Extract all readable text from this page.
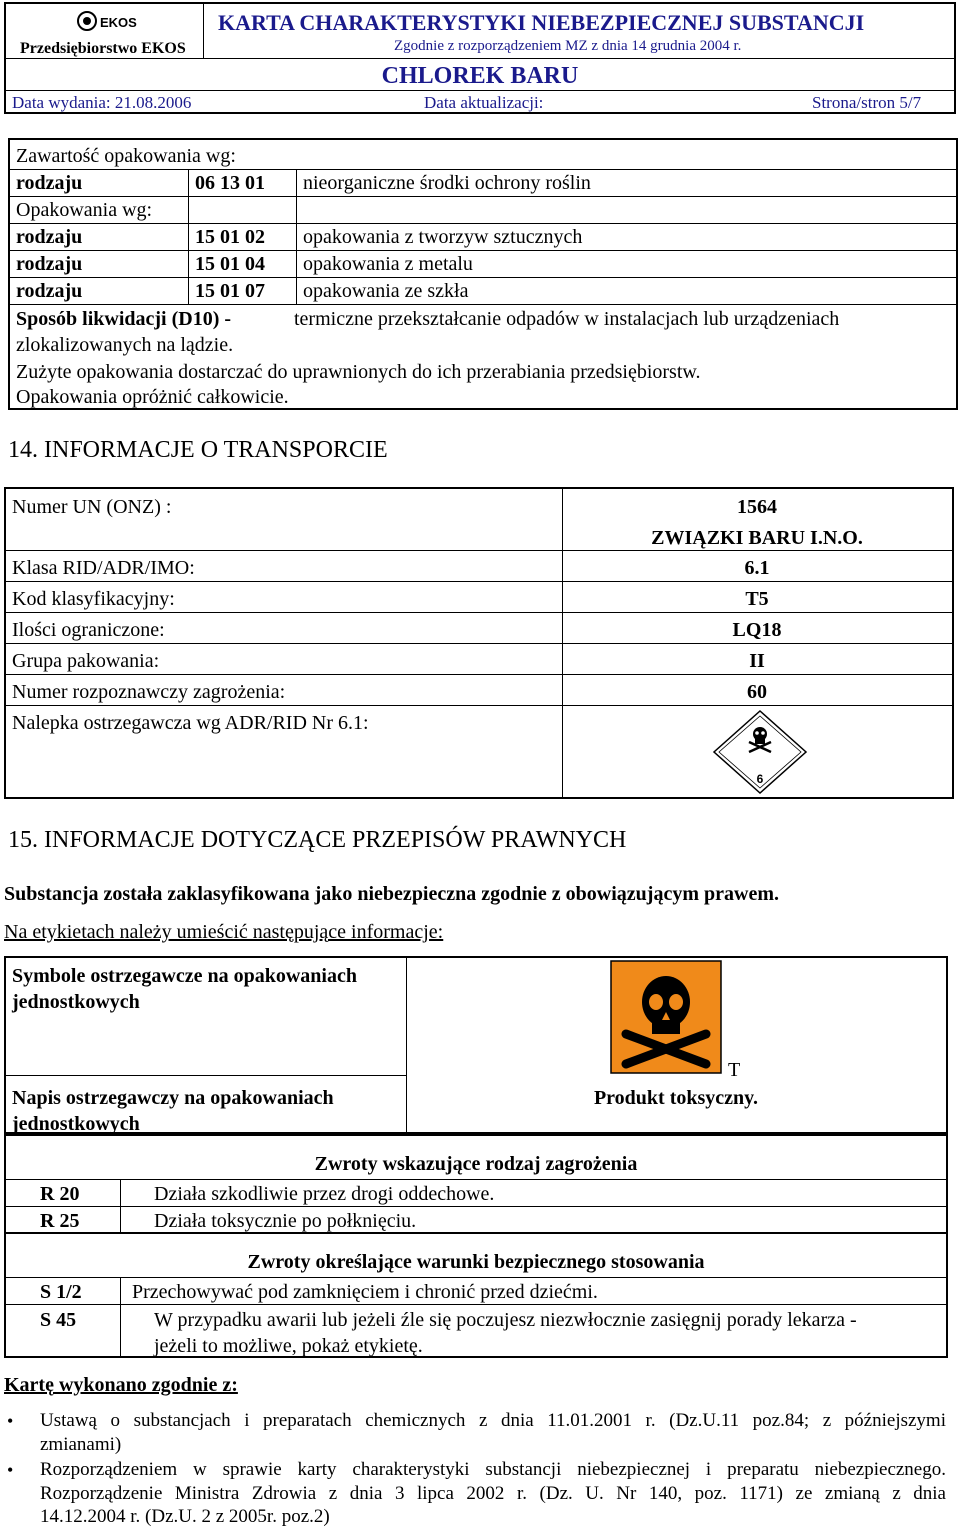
EKOS
Przedsiębiorstwo EKOS
KARTA CHARAKTERYSTYKI NIEBEZPIECZNEJ SUBSTANCJI
Zgodnie z rozporządzeniem MZ z dnia 14 grudnia 2004 r.
CHLOREK BARU
Data wydania: 21.08.2006	Data aktualizacji:	Strona/stron 5/7
Zawartość opakowania wg:
rodzaju	06 13 01 nieorganiczne środki ochrony roślin
Opakowania wg:
rodzaju	15 01 02 opakowania z tworzyw sztucznych
rodzaju	15 01 04 opakowania z metalu
rodzaju	15 01 07 opakowania ze szkła
Sposób likwidacji (D10) -	termiczne przekształcanie odpadów w instalacjach lub urządzeniach
zlokalizowanych na lądzie.
Zużyte opakowania dostarczać do uprawnionych do ich przerabiania przedsiębiorstw.
Opakowania opróżnić całkowicie.
14. INFORMACJE O TRANSPORCIE
Numer UN (ONZ) :	1564
ZWIĄZKI BARU I.N.O.
Klasa RID/ADR/IMO:	6.1
Kod klasyfikacyjny:	T5
Ilości ograniczone:	LQ18
Grupa pakowania:	II
Numer rozpoznawczy zagrożenia:	60
Nalepka ostrzegawcza wg ADR/RID Nr 6.1:
6
15. INFORMACJE DOTYCZĄCE PRZEPISÓW PRAWNYCH
Substancja została zaklasyfikowana jako niebezpieczna zgodnie z obowiązującym prawem.
Na etykietach należy umieścić następujące informacje:
Symbole ostrzegawcze na opakowaniach
jednostkowych
Napis ostrzegawczy na opakowaniach
jednostkowych
T
Produkt toksyczny.
Zwroty wskazujące rodzaj zagrożenia
R 20	Działa szkodliwie przez drogi oddechowe.
R 25	Działa toksycznie po połknięciu.
Zwroty określające warunki bezpiecznego stosowania
S 1/2	Przechowywać pod zamknięciem i chronić przed dziećmi.
S 45	W przypadku awarii lub jeżeli źle się poczujesz niezwłocznie zasięgnij porady lekarza -
jeżeli to możliwe, pokaż etykietę.
Kartę wykonano zgodnie z:
• Ustawą o substancjach i preparatach chemicznych z dnia 11.01.2001 r. (Dz.U.11 poz.84; z późniejszymi
zmianami)
• Rozporządzeniem w sprawie karty charakterystyki substancji niebezpiecznej i preparatu niebezpiecznego.
Rozporządzenie Ministra Zdrowia z dnia 3 lipca 2002 r. (Dz. U. Nr 140, poz. 1171) ze zmianą z dnia
14.12.2004 r. (Dz.U. 2 z 2005r. poz.2)
